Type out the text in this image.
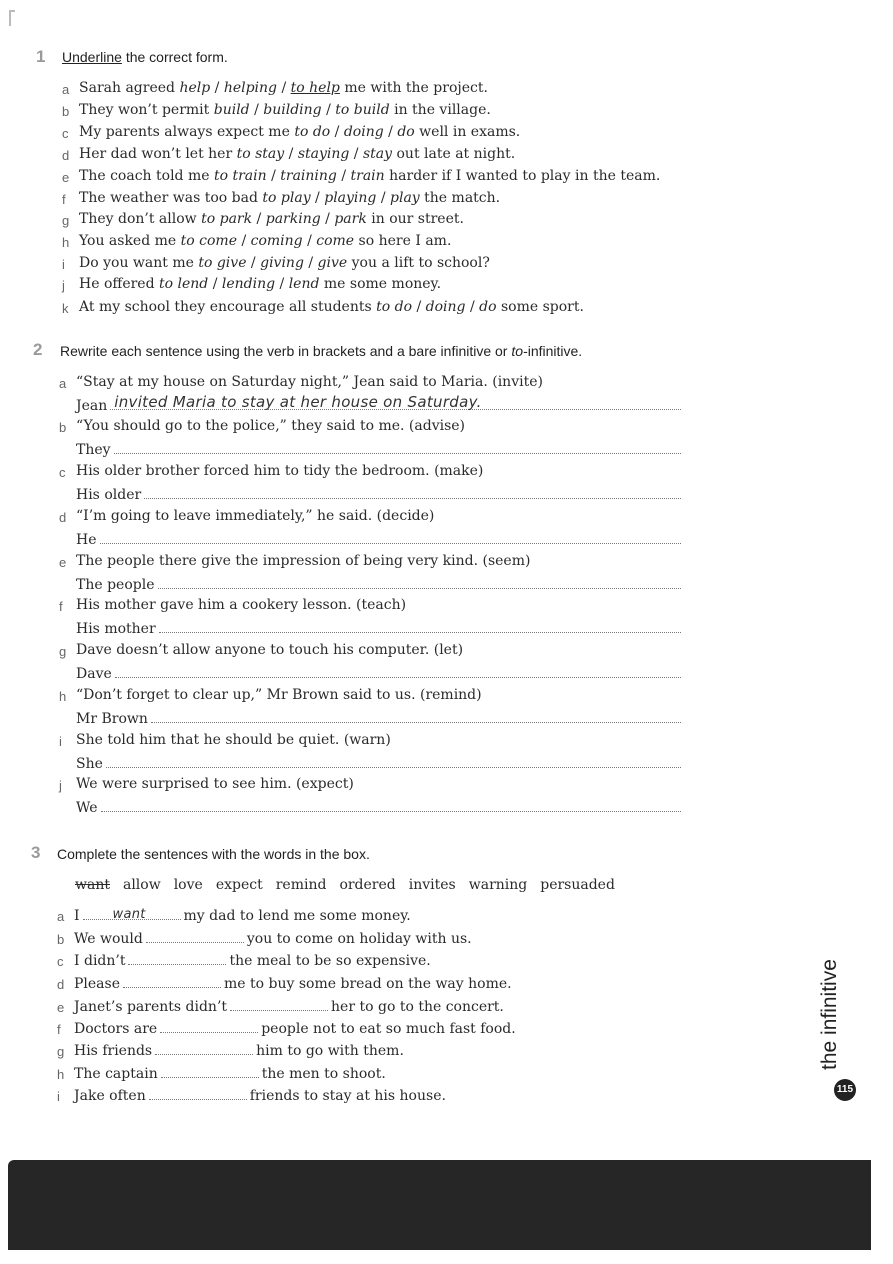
1 Underline the correct form.
a Sarah agreed help / helping / to help me with the project.
b They won’t permit build / building / to build in the village.
c My parents always expect me to do / doing / do well in exams.
d Her dad won’t let her to stay / staying / stay out late at night.
e The coach told me to train / training / train harder if I wanted to play in the team.
f The weather was too bad to play / playing / play the match.
g They don’t allow to park / parking / park in our street.
h You asked me to come / coming / come so here I am.
i Do you want me to give / giving / give you a lift to school?
j He offered to lend / lending / lend me some money.
k At my school they encourage all students to do / doing / do some sport.
2 Rewrite each sentence using the verb in brackets and a bare infinitive or to-infinitive.
a “Stay at my house on Saturday night,” Jean said to Maria. (invite)
Jean invited Maria to stay at her house on Saturday.
b “You should go to the police,” they said to me. (advise)
They
c His older brother forced him to tidy the bedroom. (make)
His older
d “I’m going to leave immediately,” he said. (decide)
He
e The people there give the impression of being very kind. (seem)
The people
f His mother gave him a cookery lesson. (teach)
His mother
g Dave doesn’t allow anyone to touch his computer. (let)
Dave
h “Don’t forget to clear up,” Mr Brown said to us. (remind)
Mr Brown
i She told him that he should be quiet. (warn)
She
j We were surprised to see him. (expect)
We
3 Complete the sentences with the words in the box.
want allow love expect remind ordered invites warning persuaded
a I	want	my dad to lend me some money.
b We would	you to come on holiday with us.
c I didn’t	the meal to be so expensive.
d Please	me to buy some bread on the way home.
e Janet’s parents didn’t	her to go to the concert.
f Doctors are	people not to eat so much fast food.
g His friends	him to go with them.
h The captain	the men to shoot.
i Jake often	friends to stay at his house.
the infinitive
115
